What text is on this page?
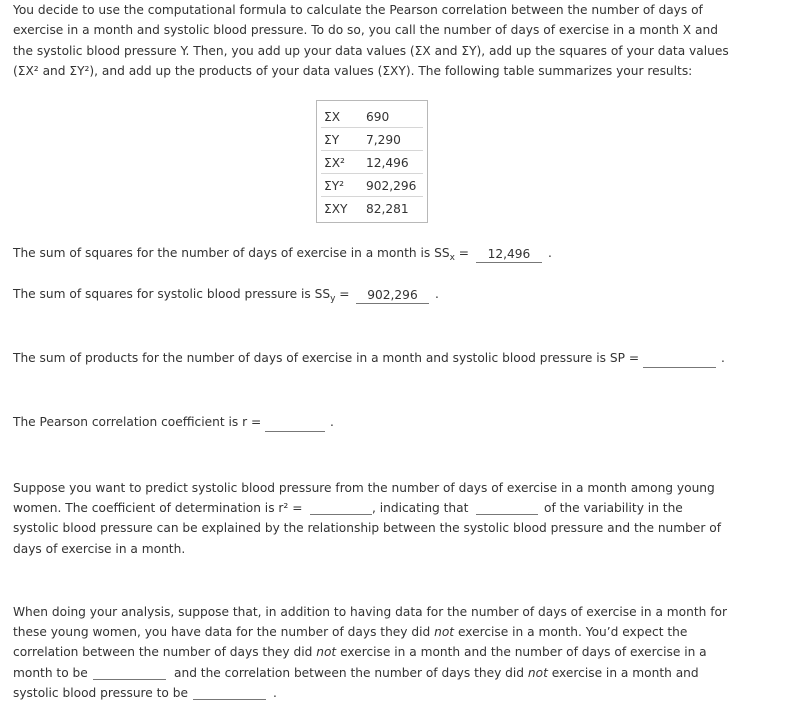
You decide to use the computational formula to calculate the Pearson correlation between the number of days of

exercise in a month and systolic blood pressure. To do so, you call the number of days of exercise in a month X and

the systolic blood pressure Y. Then, you add up your data values (ΣX and ΣY), add up the squares of your data values

(ΣX² and ΣY²), and add up the products of your data values (ΣXY). The following table summarizes your results:

ΣX	690
ΣY	7,290
ΣX²	12,496
ΣY²	902,296
ΣXY	82,281
The sum of squares for the number of days of exercise in a month is $SS_x$ =	12,496	.
The sum of squares for systolic blood pressure is $SS_y$ =	902,296	.
The sum of products for the number of days of exercise in a month and systolic blood pressure is SP =	.
The Pearson correlation coefficient is r =	.

Suppose you want to predict systolic blood pressure from the number of days of exercise in a month among young

women. The coefficient of determination is r² =	, indicating that	of the variability in the

systolic blood pressure can be explained by the relationship between the systolic blood pressure and the number of

days of exercise in a month.

When doing your analysis, suppose that, in addition to having data for the number of days of exercise in a month for

these young women, you have data for the number of days they did not exercise in a month. You’d expect the

correlation between the number of days they did not exercise in a month and the number of days of exercise in a

month to be	and the correlation between the number of days they did not exercise in a month and

systolic blood pressure to be	.
